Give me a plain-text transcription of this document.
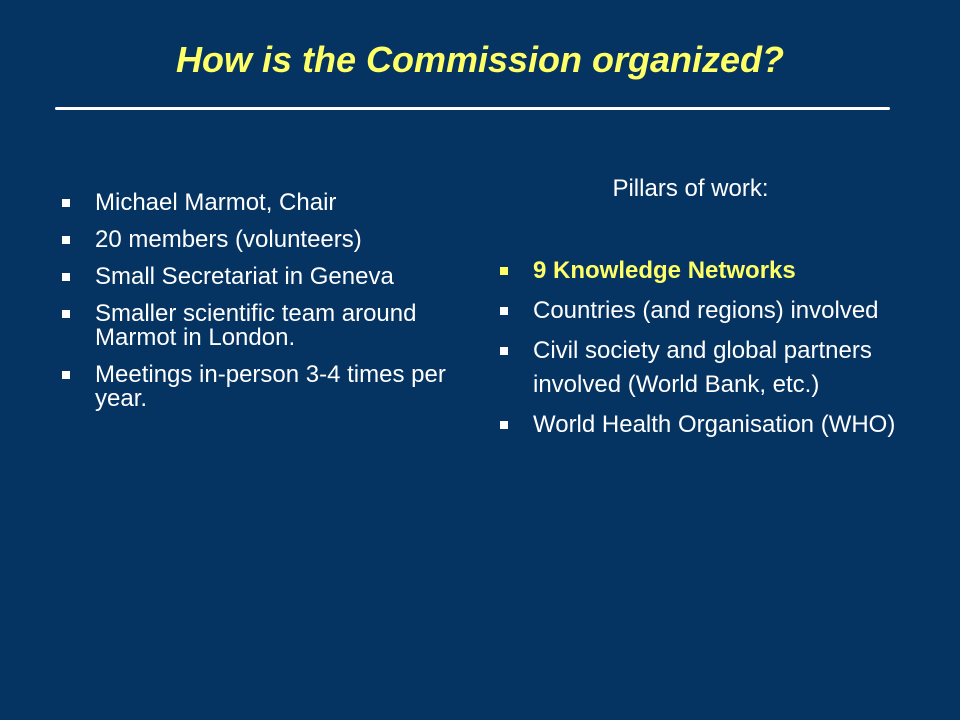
How is the Commission organized?
Michael Marmot, Chair
20 members (volunteers)
Small Secretariat in Geneva
Smaller scientific team around Marmot in London.
Meetings in-person 3-4 times per year.
Pillars of work:
9 Knowledge Networks
Countries (and regions) involved
Civil society and global partners involved (World Bank, etc.)
World Health Organisation (WHO)
